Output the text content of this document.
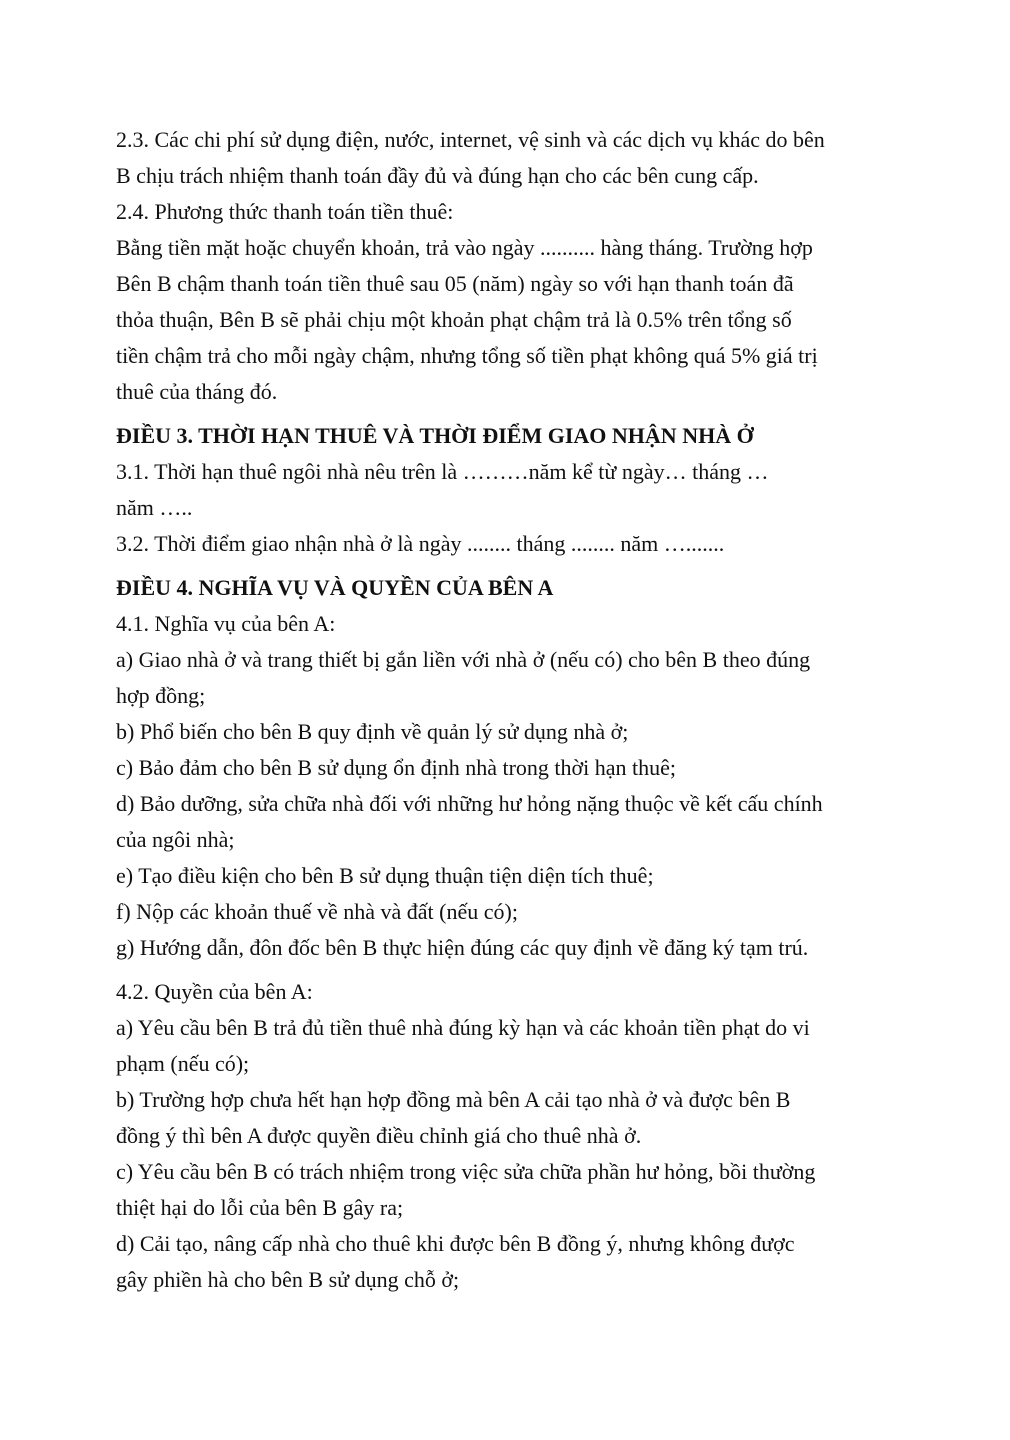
2.3. Các chi phí sử dụng điện, nước, internet, vệ sinh và các dịch vụ khác do bên
B chịu trách nhiệm thanh toán đầy đủ và đúng hạn cho các bên cung cấp.
2.4. Phương thức thanh toán tiền thuê:
Bằng tiền mặt hoặc chuyển khoản, trả vào ngày .......... hàng tháng. Trường hợp
Bên B chậm thanh toán tiền thuê sau 05 (năm) ngày so với hạn thanh toán đã
thỏa thuận, Bên B sẽ phải chịu một khoản phạt chậm trả là 0.5% trên tổng số
tiền chậm trả cho mỗi ngày chậm, nhưng tổng số tiền phạt không quá 5% giá trị
thuê của tháng đó.
ĐIỀU 3. THỜI HẠN THUÊ VÀ THỜI ĐIỂM GIAO NHẬN NHÀ Ở
3.1. Thời hạn thuê ngôi nhà nêu trên là ………năm kể từ ngày… tháng …
năm …..
3.2. Thời điểm giao nhận nhà ở là ngày ........ tháng ........ năm ….......
ĐIỀU 4. NGHĨA VỤ VÀ QUYỀN CỦA BÊN A
4.1. Nghĩa vụ của bên A:
a) Giao nhà ở và trang thiết bị gắn liền với nhà ở (nếu có) cho bên B theo đúng
hợp đồng;
b) Phổ biến cho bên B quy định về quản lý sử dụng nhà ở;
c) Bảo đảm cho bên B sử dụng ổn định nhà trong thời hạn thuê;
d) Bảo dưỡng, sửa chữa nhà đối với những hư hỏng nặng thuộc về kết cấu chính
của ngôi nhà;
e) Tạo điều kiện cho bên B sử dụng thuận tiện diện tích thuê;
f) Nộp các khoản thuế về nhà và đất (nếu có);
g) Hướng dẫn, đôn đốc bên B thực hiện đúng các quy định về đăng ký tạm trú.
4.2. Quyền của bên A:
a) Yêu cầu bên B trả đủ tiền thuê nhà đúng kỳ hạn và các khoản tiền phạt do vi
phạm (nếu có);
b) Trường hợp chưa hết hạn hợp đồng mà bên A cải tạo nhà ở và được bên B
đồng ý thì bên A được quyền điều chỉnh giá cho thuê nhà ở.
c) Yêu cầu bên B có trách nhiệm trong việc sửa chữa phần hư hỏng, bồi thường
thiệt hại do lỗi của bên B gây ra;
d) Cải tạo, nâng cấp nhà cho thuê khi được bên B đồng ý, nhưng không được
gây phiền hà cho bên B sử dụng chỗ ở;
